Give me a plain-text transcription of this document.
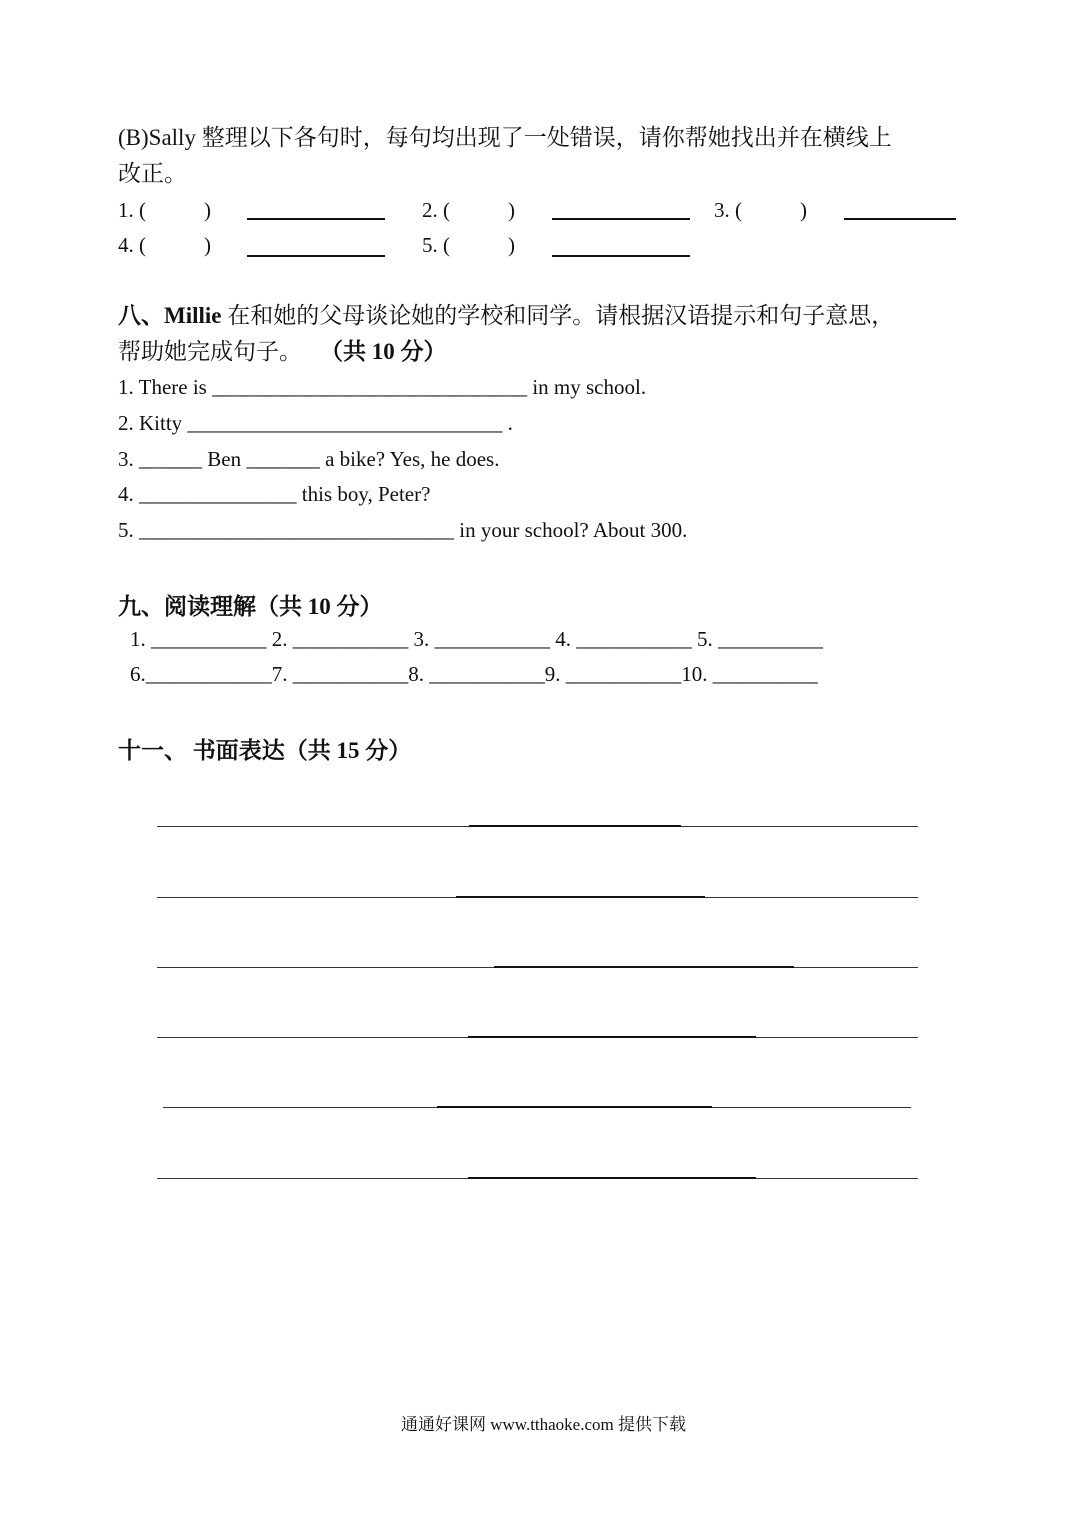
(B)Sally 整理以下各句时，每句均出现了一处错误，请你帮她找出并在横线上
改正。
1. (	)	2. (	)	3. (	)
4. (	)	5. (	)
八、Millie 在和她的父母谈论她的学校和同学。请根据汉语提示和句子意思，
帮助她完成句子。 （共 10 分）
1. There is ______________________________ in my school.
2. Kitty ______________________________ .
3. ______ Ben _______ a bike? Yes, he does.
4. _______________ this boy, Peter?
5. ______________________________ in your school? About 300.
九、阅读理解（共 10 分）
1. ___________ 2. ___________ 3. ___________ 4. ___________ 5. __________
6.____________7. ___________8. ___________9. ___________10. __________
十一、 书面表达（共 15 分）
通通好课网 www.tthaoke.com 提供下载
